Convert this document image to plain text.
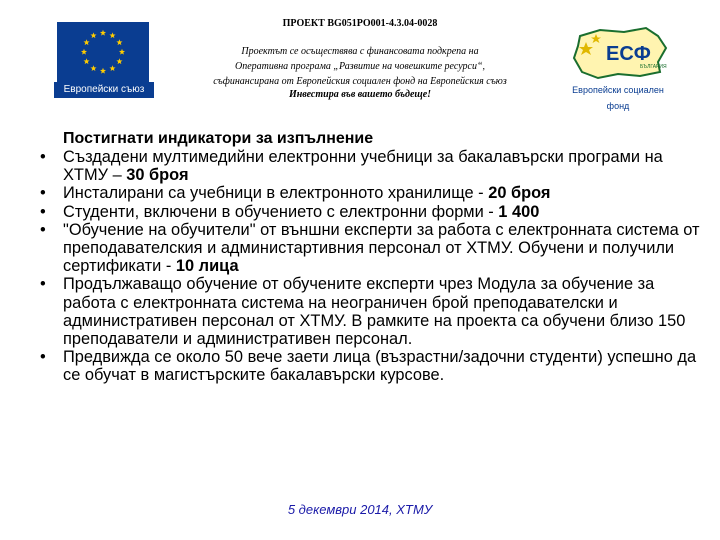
Европейски съюз
ПРОЕКТ BG051PO001-4.3.04-0028
Проектът се осъществява с финансовата подкрепа на
Оперативна програма „Развитие на човешките ресурси“,
съфинансирана от Европейския социален фонд на Европейския съюз
Инвестира във вашето бъдеще!
ЕСФ
БЪЛГАРИЯ
Европейски социален фонд
Постигнати индикатори за изпълнение
• Създадени мултимедийни електронни учебници за бакалавърски програми на ХТМУ – 30 броя
• Инсталирани са учебници в електронното хранилище - 20 броя
• Студенти, включени в обучението с електронни форми - 1 400
• "Обучение на обучители" от външни експерти за работа с електронната система от преподавателския и администартивния персонал от ХТМУ. Обучени и получили сертификати - 10 лица
• Продължаващо обучение от обучените експерти чрез Модула за обучение за работа с електронната система на неограничен брой преподавателски и административен персонал от ХТМУ. В рамките на проекта са обучени близо 150 преподаватели и административен персонал.
• Предвижда се около 50 вече заети лица (възрастни/задочни студенти) успешно да се обучат в магистърските бакалавърски курсове.
5 декември 2014, ХТМУ
